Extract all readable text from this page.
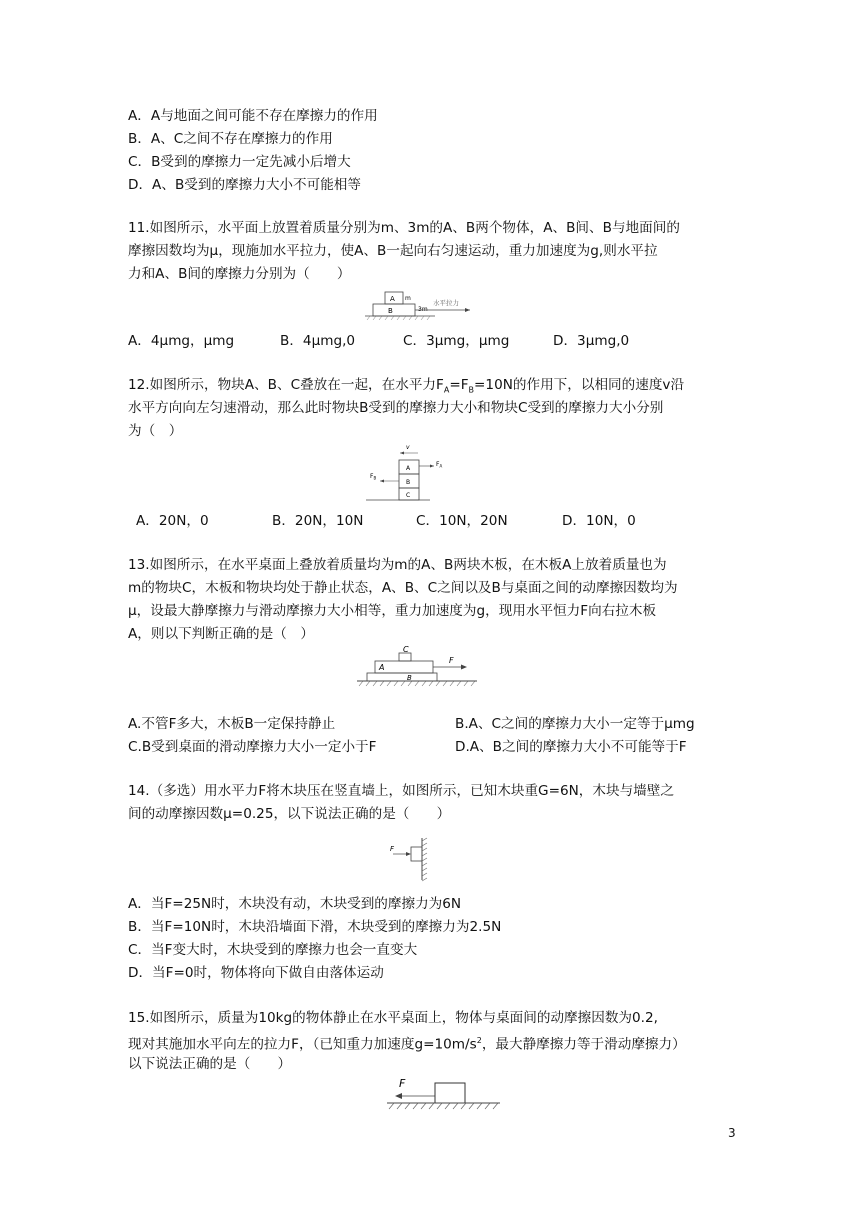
A．A与地面之间可能不存在摩擦力的作用
B．A、C之间不存在摩擦力的作用
C．B受到的摩擦力一定先减小后增大
D．A、B受到的摩擦力大小不可能相等
11.如图所示，水平面上放置着质量分别为m、3m的A、B两个物体，A、B间、B与地面间的
摩擦因数均为μ，现施加水平拉力，使A、B一起向右匀速运动，重力加速度为g,则水平拉
力和A、B间的摩擦力分别为（　　）
A m
B	3m
水平拉力
A．4μmg，μmg	B．4μmg,0	C．3μmg，μmg	D．3μmg,0
12.如图所示，物块A、B、C叠放在一起，在水平力$F_A=F_B=10N$的作用下，以相同的速度v沿
水平方向向左匀速滑动，那么此时物块B受到的摩擦力大小和物块C受到的摩擦力大小分别
为（　）
v
A
B
C
$F_A$
$F_B$
A．20N，0	B．20N，10N	C．10N，20N	D．10N，0
13.如图所示，在水平桌面上叠放着质量均为m的A、B两块木板，在木板A上放着质量也为
m的物块C，木板和物块均处于静止状态，A、B、C之间以及B与桌面之间的动摩擦因数均为
μ，设最大静摩擦力与滑动摩擦力大小相等，重力加速度为g，现用水平恒力F向右拉木板
A，则以下判断正确的是（　）
C
A
B
F
A.不管F多大，木板B一定保持静止	B.A、C之间的摩擦力大小一定等于μmg
C.B受到桌面的滑动摩擦力大小一定小于F	D.A、B之间的摩擦力大小不可能等于F
14.（多选）用水平力F将木块压在竖直墙上，如图所示，已知木块重G=6N，木块与墙壁之
间的动摩擦因数μ=0.25，以下说法正确的是（　　）
F
A．当F=25N时，木块没有动，木块受到的摩擦力为6N
B．当F=10N时，木块沿墙面下滑，木块受到的摩擦力为2.5N
C．当F变大时，木块受到的摩擦力也会一直变大
D．当F=0时，物体将向下做自由落体运动
15.如图所示，质量为10kg的物体静止在水平桌面上，物体与桌面间的动摩擦因数为0.2,
现对其施加水平向左的拉力F，（已知重力加速度$g=10m/s^2$，最大静摩擦力等于滑动摩擦力）
以下说法正确的是（　　）
F
3
